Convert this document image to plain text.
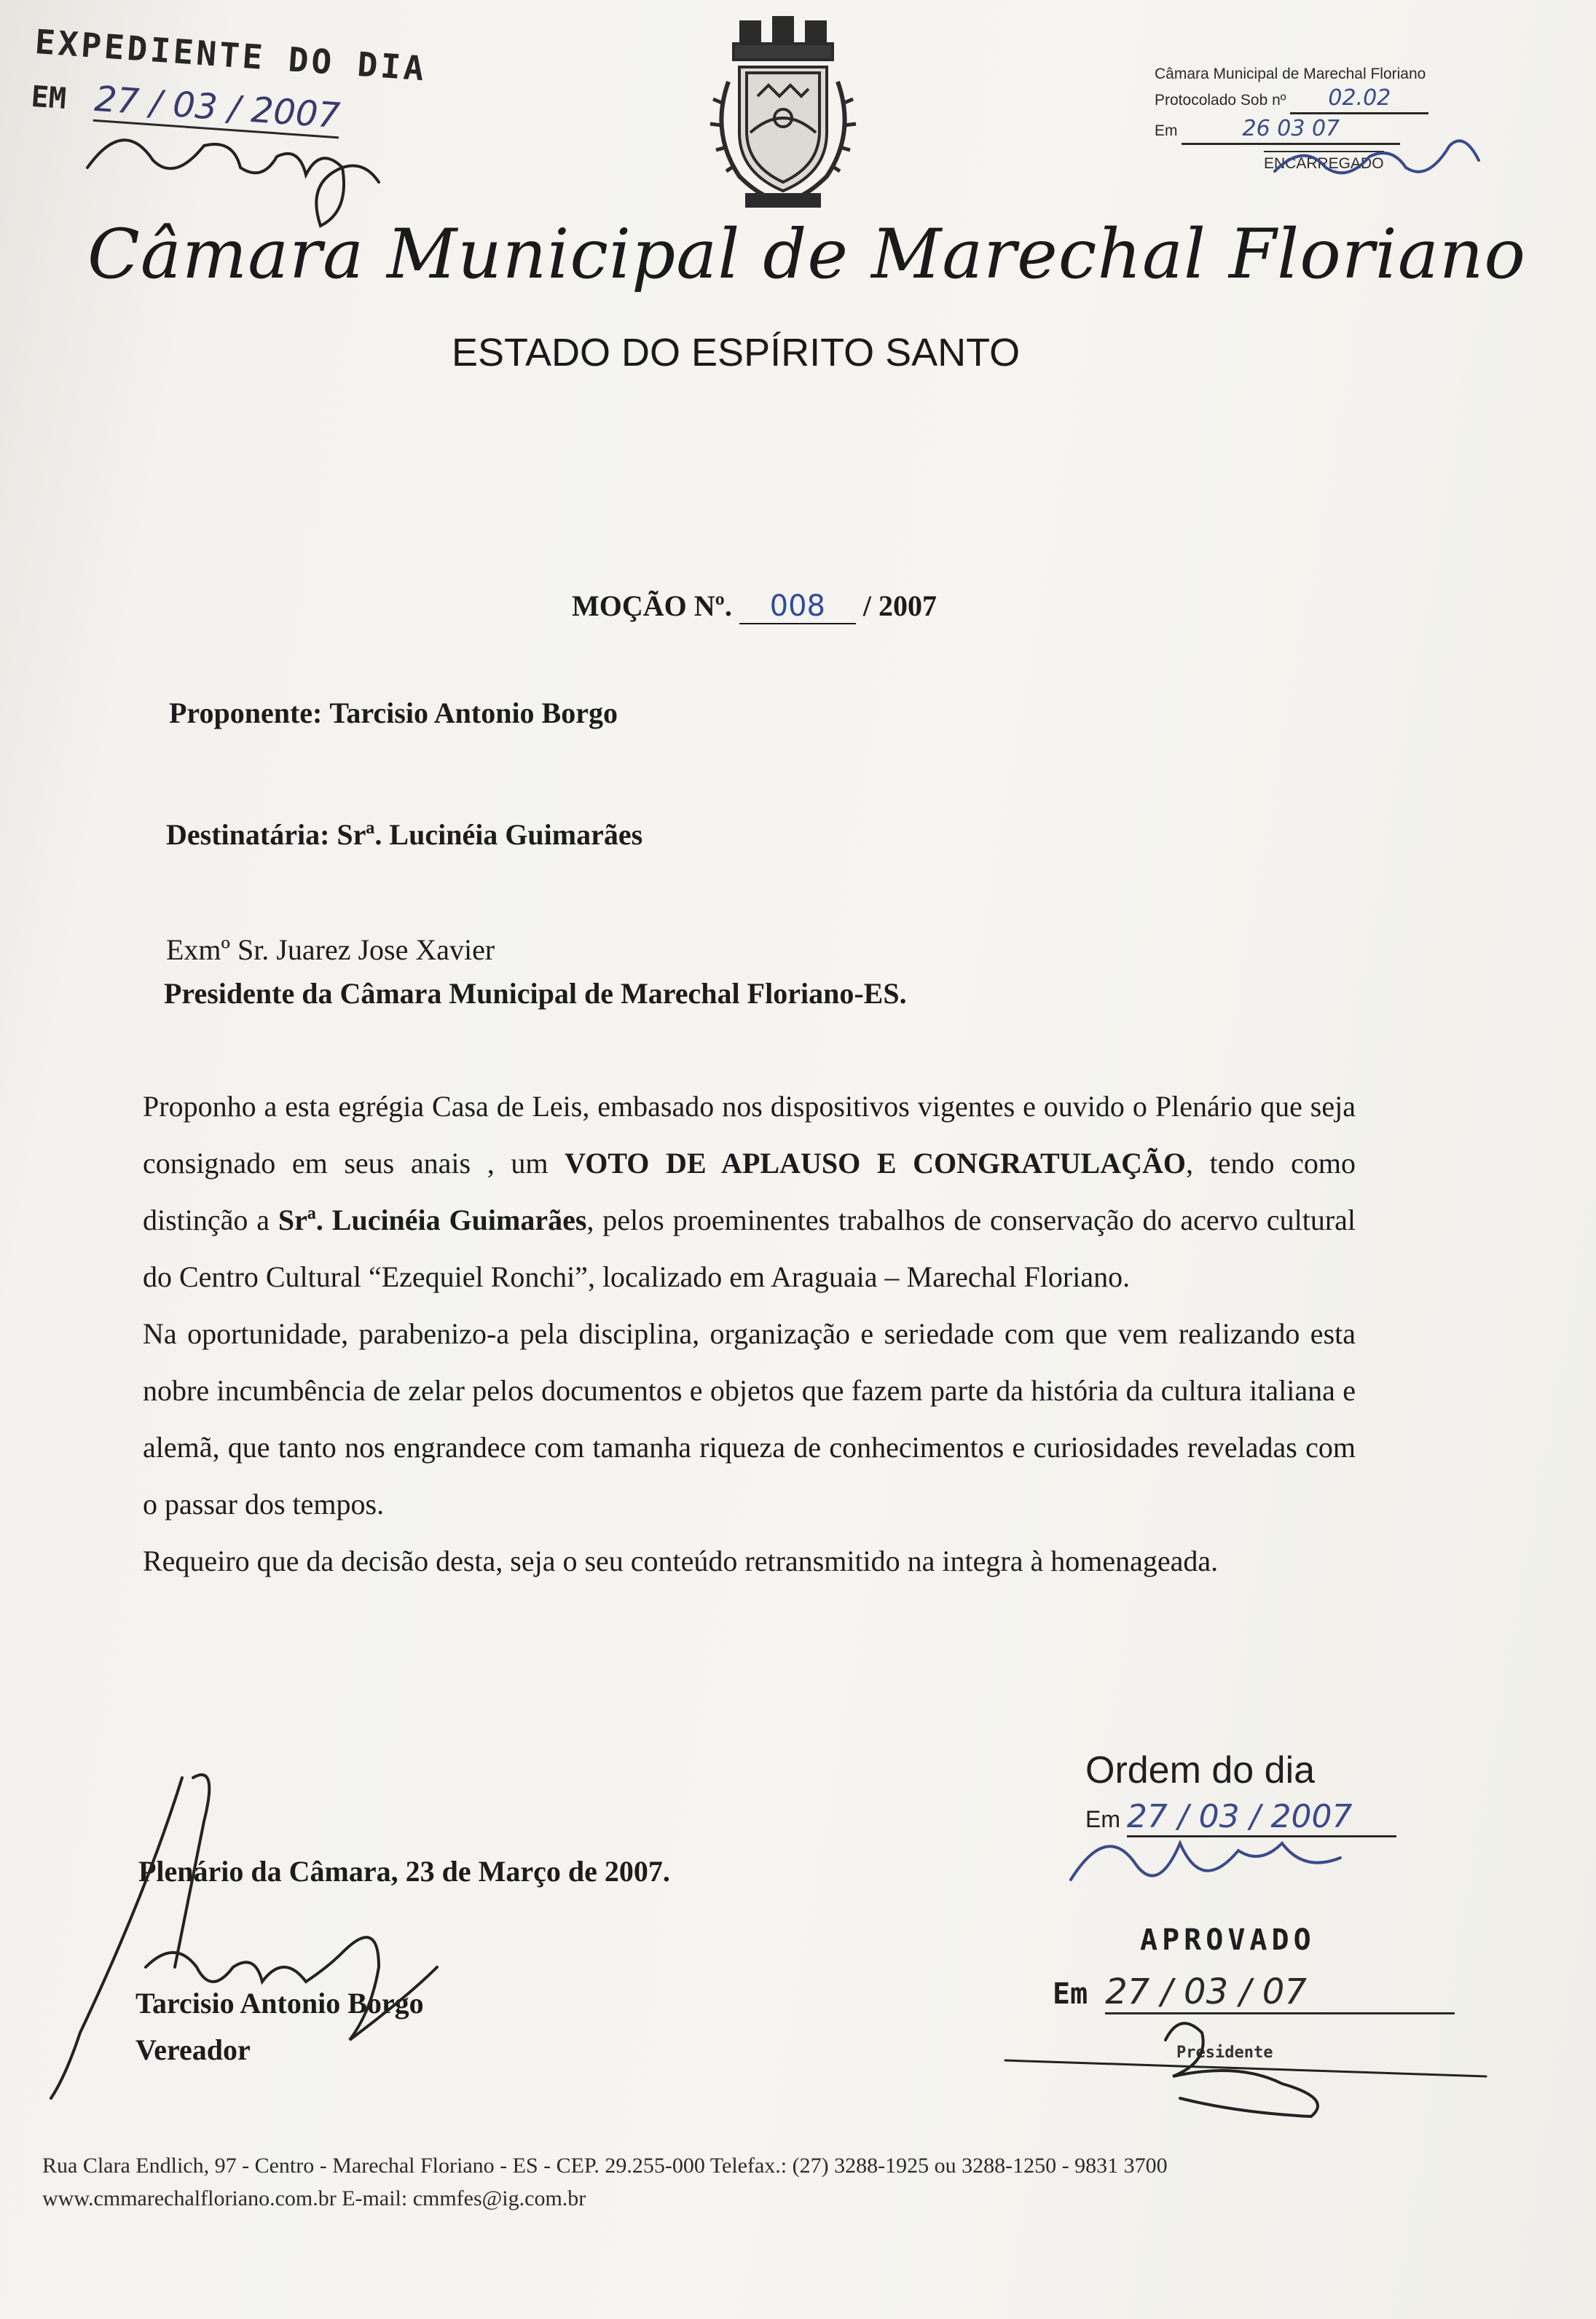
EXPEDIENTE DO DIA
EM 27 / 03 / 2007
Câmara Municipal de Marechal Floriano
Protocolado Sob nº 02.02
Em	26 03 07
ENCARREGADO
Câmara Municipal de Marechal Floriano
ESTADO DO ESPÍRITO SANTO
MOÇÃO Nº. 008 / 2007
Proponente: Tarcisio Antonio Borgo
Destinatária: Srª. Lucinéia Guimarães
Exmº Sr. Juarez Jose Xavier
Presidente da Câmara Municipal de Marechal Floriano-ES.

Proponho a esta egrégia Casa de Leis, embasado nos dispositivos vigentes e ouvido o Plenário que seja consignado em seus anais , um VOTO DE APLAUSO E CONGRATULAÇÃO, tendo como distinção a Srª. Lucinéia Guimarães, pelos proeminentes trabalhos de conservação do acervo cultural do Centro Cultural “Ezequiel Ronchi”, localizado em Araguaia – Marechal Floriano.

Na oportunidade, parabenizo-a pela disciplina, organização e seriedade com que vem realizando esta nobre incumbência de zelar pelos documentos e objetos que fazem parte da história da cultura italiana e alemã, que tanto nos engrandece com tamanha riqueza de conhecimentos e curiosidades reveladas com o passar dos tempos.

Requeiro que da decisão desta, seja o seu conteúdo retransmitido na integra à homenageada.

Ordem do dia
Em 27 / 03 / 2007
APROVADO
Em 27 / 03 / 07
Presidente
Plenário da Câmara, 23 de Março de 2007.
Tarcisio Antonio Borgo
Vereador
Rua Clara Endlich, 97 - Centro - Marechal Floriano - ES - CEP. 29.255-000 Telefax.: (27) 3288-1925 ou 3288-1250 - 9831 3700
www.cmmarechalfloriano.com.br E-mail: cmmfes@ig.com.br
